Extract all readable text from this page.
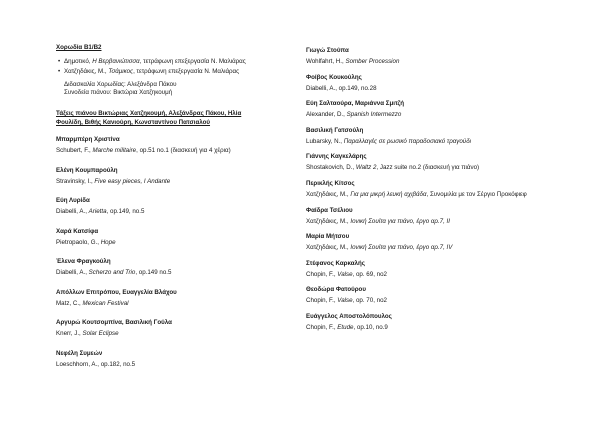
Χορωδία Β1/Β2
• Δημοτικό, Η Βερβανιώτισσα, τετράφωνη επεξεργασία Ν. Μαλιάρας
• Χατζηδάκις, Μ., Τσάμικος, τετράφωνη επεξεργασία Ν. Μαλιάρας
Διδασκαλία Χορωδίας: Αλεξάνδρα Πάκου
Συνοδεία πιάνου: Βικτώρια Χατζηκουμή
Τάξεις πιάνου Βικτώριας Χατζηκουμή, Αλεξάνδρας Πάκου, Ηλία
Φουλίδη, Βιθής Κανιούρη, Κωνσταντίνου Πατσιαλού
Μπαρμπέρη Χριστίνα
Schubert, F., Marche militaire, op.51 no.1 (διασκευή για 4 χέρια)
Ελένη Κουμπαρούλη
Stravinsky, I., Five easy pieces, I Andante
Εύη Λυρίδα
Diabelli, A., Arietta, op.149, no.5
Χαρά Κατσίφα
Pietropaolo, G., Hope
Έλενα Φραγκούλη
Diabelli, A., Scherzo and Trio, op.149 no.5
Απόλλων Επιτρόπου, Ευαγγελία Βλάχου
Matz, C., Mexican Festival
Αργυρώ Κουτσομπίνα, Βασιλική Γούλα
Knerr, J., Solar Eclipse
Νεφέλη Συμεών
Loeschhorn, A., op.182, no.5
Γιωγώ Στούπα
Wohlfahrt, H., Somber Procession
Φοίβος Κουκούλης
Diabelli, A., op.149, no.28
Εύη Σαλταούρα, Μαριάννα Σμιτζή
Alexander, D., Spanish Intermezzo
Βασιλική Γατσούλη
Lubarsky, N., Παραλλαγές σε ρωσικό παραδοσιακό τραγούδι
Γιάννης Καγκελάρης
Shostakovich, D., Waltz 2, Jazz suite no.2 (διασκευή για πιάνο)
Περικλής Κίτσος
Χατζηδάκις, Μ., Για μια μικρή λευκή αχιβάδα, Συνομιλία με τον Σέργιο Προκόφιεφ
Φαίδρα Τσέλιου
Χατζηδάκις, Μ., Ιονική Σουίτα για πιάνο, έργο αρ.7, II
Μαρία Μήτσου
Χατζηδάκις, Μ., Ιονική Σουίτα για πιάνο, έργο αρ.7, IV
Στέφανος Καρκαλής
Chopin, F., Valse, op. 69, no2
Θεοδώρα Φατούρου
Chopin, F., Valse, op. 70, no2
Ευάγγελος Αποστολόπουλος
Chopin, F., Etude, op.10, no.9
